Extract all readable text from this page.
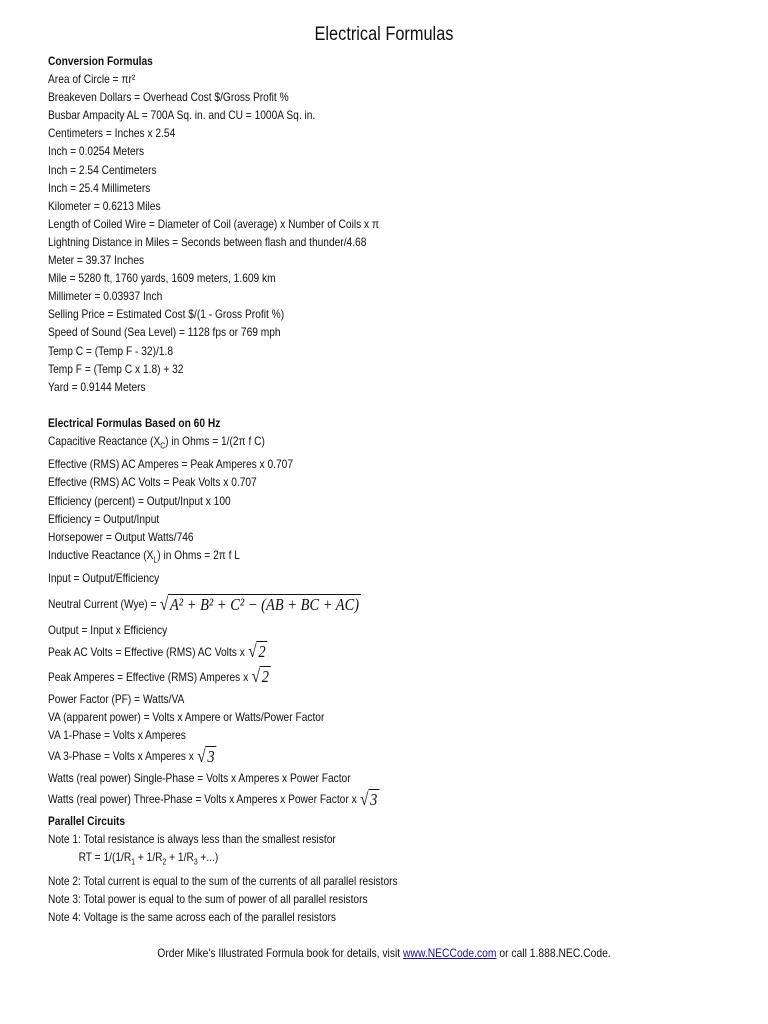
Electrical Formulas
Conversion Formulas
Area of Circle = πr²
Breakeven Dollars = Overhead Cost $/Gross Profit %
Busbar Ampacity AL = 700A Sq. in. and CU = 1000A Sq. in.
Centimeters = Inches x 2.54
Inch = 0.0254 Meters
Inch = 2.54 Centimeters
Inch = 25.4 Millimeters
Kilometer = 0.6213 Miles
Length of Coiled Wire = Diameter of Coil (average) x Number of Coils x π
Lightning Distance in Miles = Seconds between flash and thunder/4.68
Meter = 39.37 Inches
Mile = 5280 ft, 1760 yards, 1609 meters, 1.609 km
Millimeter = 0.03937 Inch
Selling Price = Estimated Cost $/(1 - Gross Profit %)
Speed of Sound (Sea Level) = 1128 fps or 769 mph
Temp C = (Temp F - 32)/1.8
Temp F = (Temp C x 1.8) + 32
Yard = 0.9144 Meters
Electrical Formulas Based on 60 Hz
Capacitive Reactance $(X_C)$ in Ohms = 1/(2π f C)
Effective (RMS) AC Amperes = Peak Amperes x 0.707
Effective (RMS) AC Volts = Peak Volts x 0.707
Efficiency (percent) = Output/Input x 100
Efficiency = Output/Input
Horsepower = Output Watts/746
Inductive Reactance $(X_L)$ in Ohms = 2π f L
Input = Output/Efficiency
Neutral Current (Wye) = √ A² + B² + C² − (AB + BC + AC)
Output = Input x Efficiency
Peak AC Volts = Effective (RMS) AC Volts x √ 2
Peak Amperes = Effective (RMS) Amperes x √2
Power Factor (PF) = Watts/VA
VA (apparent power) = Volts x Ampere or Watts/Power Factor
VA 1-Phase = Volts x Amperes
VA 3-Phase = Volts x Amperes x √ 3
Watts (real power) Single-Phase = Volts x Amperes x Power Factor
Watts (real power) Three-Phase = Volts x Amperes x Power Factor x √ 3
Parallel Circuits
Note 1: Total resistance is always less than the smallest resistor
RT = $1/(1/R_1 + 1/R_2 + 1/R_3$ +...)
Note 2: Total current is equal to the sum of the currents of all parallel resistors
Note 3: Total power is equal to the sum of power of all parallel resistors
Note 4: Voltage is the same across each of the parallel resistors
Order Mike's Illustrated Formula book for details, visit www.NECCode.com or call 1.888.NEC.Code.
